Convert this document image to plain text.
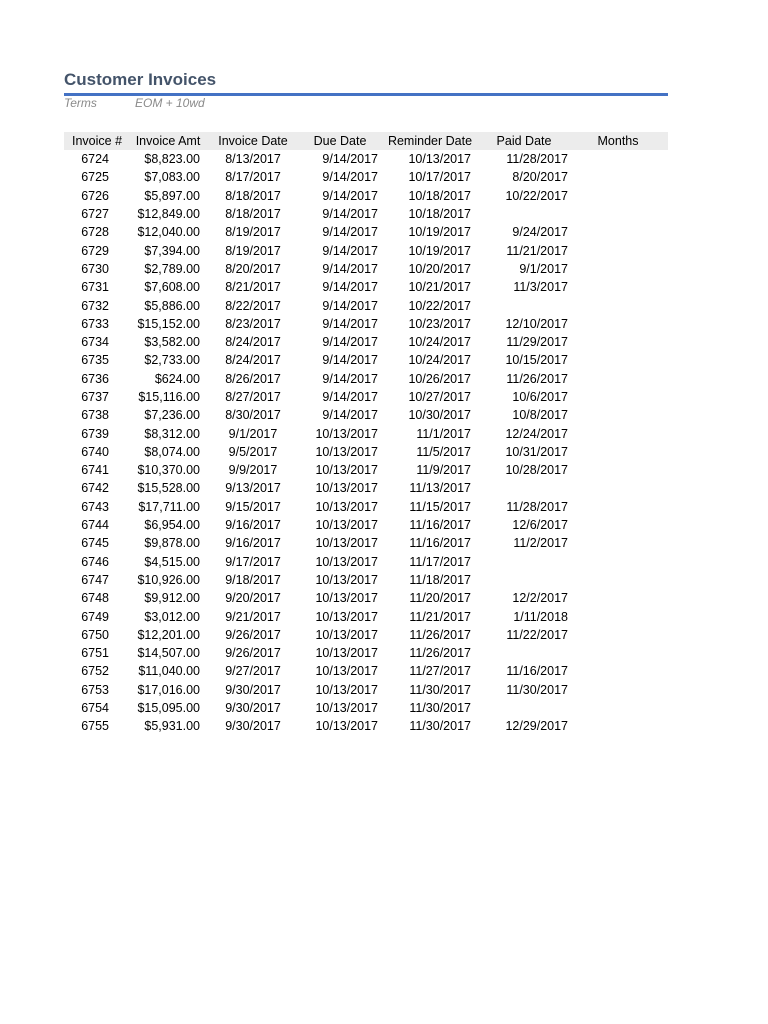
Customer Invoices
Terms	EOM + 10wd
Invoice #	Invoice Amt	Invoice Date	Due Date	Reminder Date	Paid Date	Months
6724	$8,823.00	8/13/2017	9/14/2017	10/13/2017	11/28/2017
6725	$7,083.00	8/17/2017	9/14/2017	10/17/2017	8/20/2017
6726	$5,897.00	8/18/2017	9/14/2017	10/18/2017	10/22/2017
6727	$12,849.00	8/18/2017	9/14/2017	10/18/2017
6728	$12,040.00	8/19/2017	9/14/2017	10/19/2017	9/24/2017
6729	$7,394.00	8/19/2017	9/14/2017	10/19/2017	11/21/2017
6730	$2,789.00	8/20/2017	9/14/2017	10/20/2017	9/1/2017
6731	$7,608.00	8/21/2017	9/14/2017	10/21/2017	11/3/2017
6732	$5,886.00	8/22/2017	9/14/2017	10/22/2017
6733	$15,152.00	8/23/2017	9/14/2017	10/23/2017	12/10/2017
6734	$3,582.00	8/24/2017	9/14/2017	10/24/2017	11/29/2017
6735	$2,733.00	8/24/2017	9/14/2017	10/24/2017	10/15/2017
6736	$624.00	8/26/2017	9/14/2017	10/26/2017	11/26/2017
6737	$15,116.00	8/27/2017	9/14/2017	10/27/2017	10/6/2017
6738	$7,236.00	8/30/2017	9/14/2017	10/30/2017	10/8/2017
6739	$8,312.00	9/1/2017	10/13/2017	11/1/2017	12/24/2017
6740	$8,074.00	9/5/2017	10/13/2017	11/5/2017	10/31/2017
6741	$10,370.00	9/9/2017	10/13/2017	11/9/2017	10/28/2017
6742	$15,528.00	9/13/2017	10/13/2017	11/13/2017
6743	$17,711.00	9/15/2017	10/13/2017	11/15/2017	11/28/2017
6744	$6,954.00	9/16/2017	10/13/2017	11/16/2017	12/6/2017
6745	$9,878.00	9/16/2017	10/13/2017	11/16/2017	11/2/2017
6746	$4,515.00	9/17/2017	10/13/2017	11/17/2017
6747	$10,926.00	9/18/2017	10/13/2017	11/18/2017
6748	$9,912.00	9/20/2017	10/13/2017	11/20/2017	12/2/2017
6749	$3,012.00	9/21/2017	10/13/2017	11/21/2017	1/11/2018
6750	$12,201.00	9/26/2017	10/13/2017	11/26/2017	11/22/2017
6751	$14,507.00	9/26/2017	10/13/2017	11/26/2017
6752	$11,040.00	9/27/2017	10/13/2017	11/27/2017	11/16/2017
6753	$17,016.00	9/30/2017	10/13/2017	11/30/2017	11/30/2017
6754	$15,095.00	9/30/2017	10/13/2017	11/30/2017
6755	$5,931.00	9/30/2017	10/13/2017	11/30/2017	12/29/2017
